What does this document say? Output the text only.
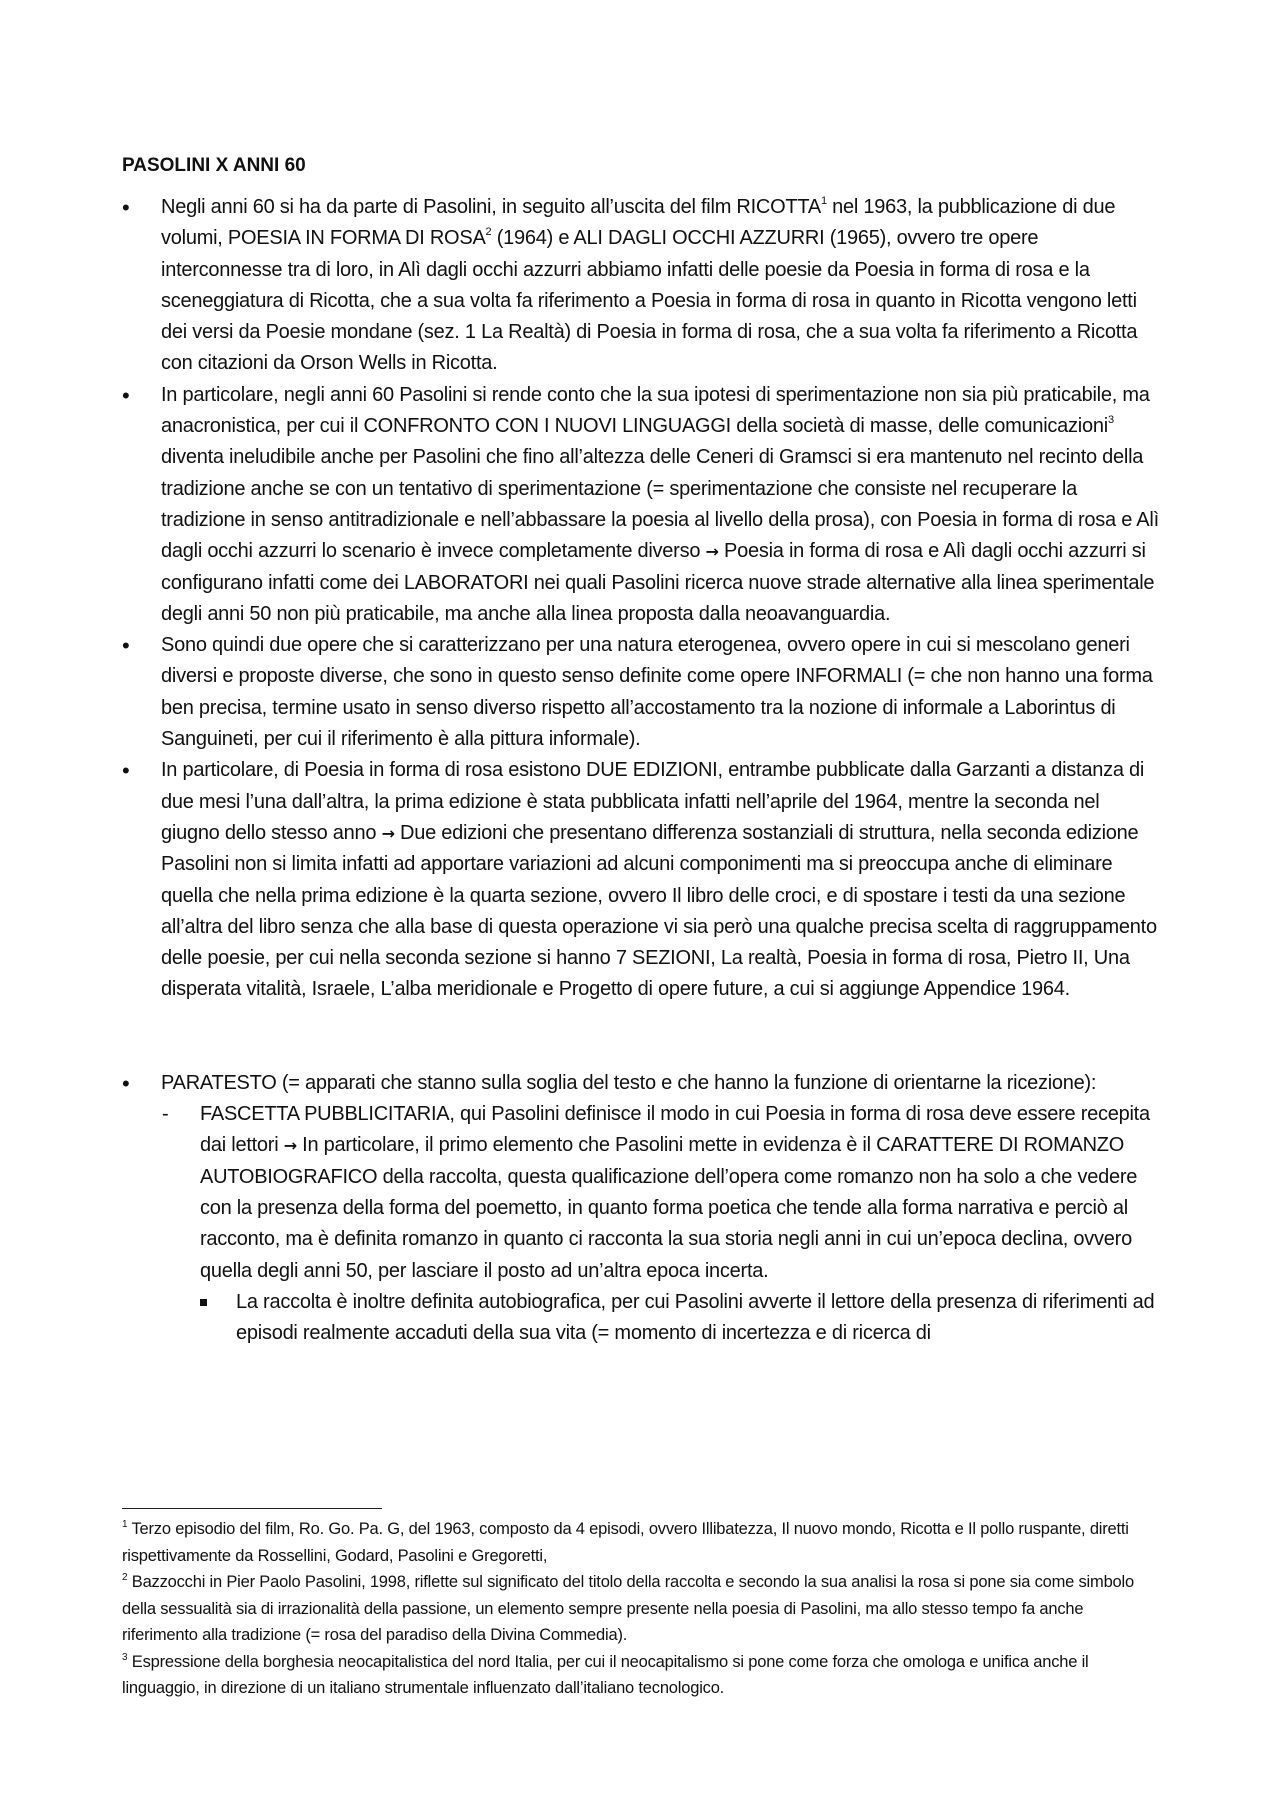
PASOLINI X ANNI 60
• Negli anni 60 si ha da parte di Pasolini, in seguito all’uscita del film RICOTTA$^1$ nel 1963, la pubblicazione di due volumi, POESIA IN FORMA DI ROSA$^2$ (1964) e ALI DAGLI OCCHI AZZURRI (1965), ovvero tre opere interconnesse tra di loro, in Alì dagli occhi azzurri abbiamo infatti delle poesie da Poesia in forma di rosa e la sceneggiatura di Ricotta, che a sua volta fa riferimento a Poesia in forma di rosa in quanto in Ricotta vengono letti dei versi da Poesie mondane (sez. 1 La Realtà) di Poesia in forma di rosa, che a sua volta fa riferimento a Ricotta con citazioni da Orson Wells in Ricotta.
• In particolare, negli anni 60 Pasolini si rende conto che la sua ipotesi di sperimentazione non sia più praticabile, ma anacronistica, per cui il CONFRONTO CON I NUOVI LINGUAGGI della società di masse, delle comunicazioni$^3$ diventa ineludibile anche per Pasolini che fino all’altezza delle Ceneri di Gramsci si era mantenuto nel recinto della tradizione anche se con un tentativo di sperimentazione (= sperimentazione che consiste nel recuperare la tradizione in senso antitradizionale e nell’abbassare la poesia al livello della prosa), con Poesia in forma di rosa e Alì dagli occhi azzurri lo scenario è invece completamente diverso → Poesia in forma di rosa e Alì dagli occhi azzurri si configurano infatti come dei LABORATORI nei quali Pasolini ricerca nuove strade alternative alla linea sperimentale degli anni 50 non più praticabile, ma anche alla linea proposta dalla neoavanguardia.
• Sono quindi due opere che si caratterizzano per una natura eterogenea, ovvero opere in cui si mescolano generi diversi e proposte diverse, che sono in questo senso definite come opere INFORMALI (= che non hanno una forma ben precisa, termine usato in senso diverso rispetto all’accostamento tra la nozione di informale a Laborintus di Sanguineti, per cui il riferimento è alla pittura informale).
• In particolare, di Poesia in forma di rosa esistono DUE EDIZIONI, entrambe pubblicate dalla Garzanti a distanza di due mesi l’una dall’altra, la prima edizione è stata pubblicata infatti nell’aprile del 1964, mentre la seconda nel giugno dello stesso anno → Due edizioni che presentano differenza sostanziali di struttura, nella seconda edizione Pasolini non si limita infatti ad apportare variazioni ad alcuni componimenti ma si preoccupa anche di eliminare quella che nella prima edizione è la quarta sezione, ovvero Il libro delle croci, e di spostare i testi da una sezione all’altra del libro senza che alla base di questa operazione vi sia però una qualche precisa scelta di raggruppamento delle poesie, per cui nella seconda sezione si hanno 7 SEZIONI, La realtà, Poesia in forma di rosa, Pietro II, Una disperata vitalità, Israele, L’alba meridionale e Progetto di opere future, a cui si aggiunge Appendice 1964.
• PARATESTO (= apparati che stanno sulla soglia del testo e che hanno la funzione di orientarne la ricezione):
- FASCETTA PUBBLICITARIA, qui Pasolini definisce il modo in cui Poesia in forma di rosa deve essere recepita dai lettori → In particolare, il primo elemento che Pasolini mette in evidenza è il CARATTERE DI ROMANZO AUTOBIOGRAFICO della raccolta, questa qualificazione dell’opera come romanzo non ha solo a che vedere con la presenza della forma del poemetto, in quanto forma poetica che tende alla forma narrativa e perciò al racconto, ma è definita romanzo in quanto ci racconta la sua storia negli anni in cui un’epoca declina, ovvero quella degli anni 50, per lasciare il posto ad un’altra epoca incerta.
La raccolta è inoltre definita autobiografica, per cui Pasolini avverte il lettore della presenza di riferimenti ad episodi realmente accaduti della sua vita (= momento di incertezza e di ricerca di

$^1$ Terzo episodio del film, Ro. Go. Pa. G, del 1963, composto da 4 episodi, ovvero Illibatezza, Il nuovo mondo, Ricotta e Il pollo ruspante, diretti rispettivamente da Rossellini, Godard, Pasolini e Gregoretti,

$^2$ Bazzocchi in Pier Paolo Pasolini, 1998, riflette sul significato del titolo della raccolta e secondo la sua analisi la rosa si pone sia come simbolo della sessualità sia di irrazionalità della passione, un elemento sempre presente nella poesia di Pasolini, ma allo stesso tempo fa anche riferimento alla tradizione (= rosa del paradiso della Divina Commedia).

$^3$ Espressione della borghesia neocapitalistica del nord Italia, per cui il neocapitalismo si pone come forza che omologa e unifica anche il linguaggio, in direzione di un italiano strumentale influenzato dall’italiano tecnologico.
